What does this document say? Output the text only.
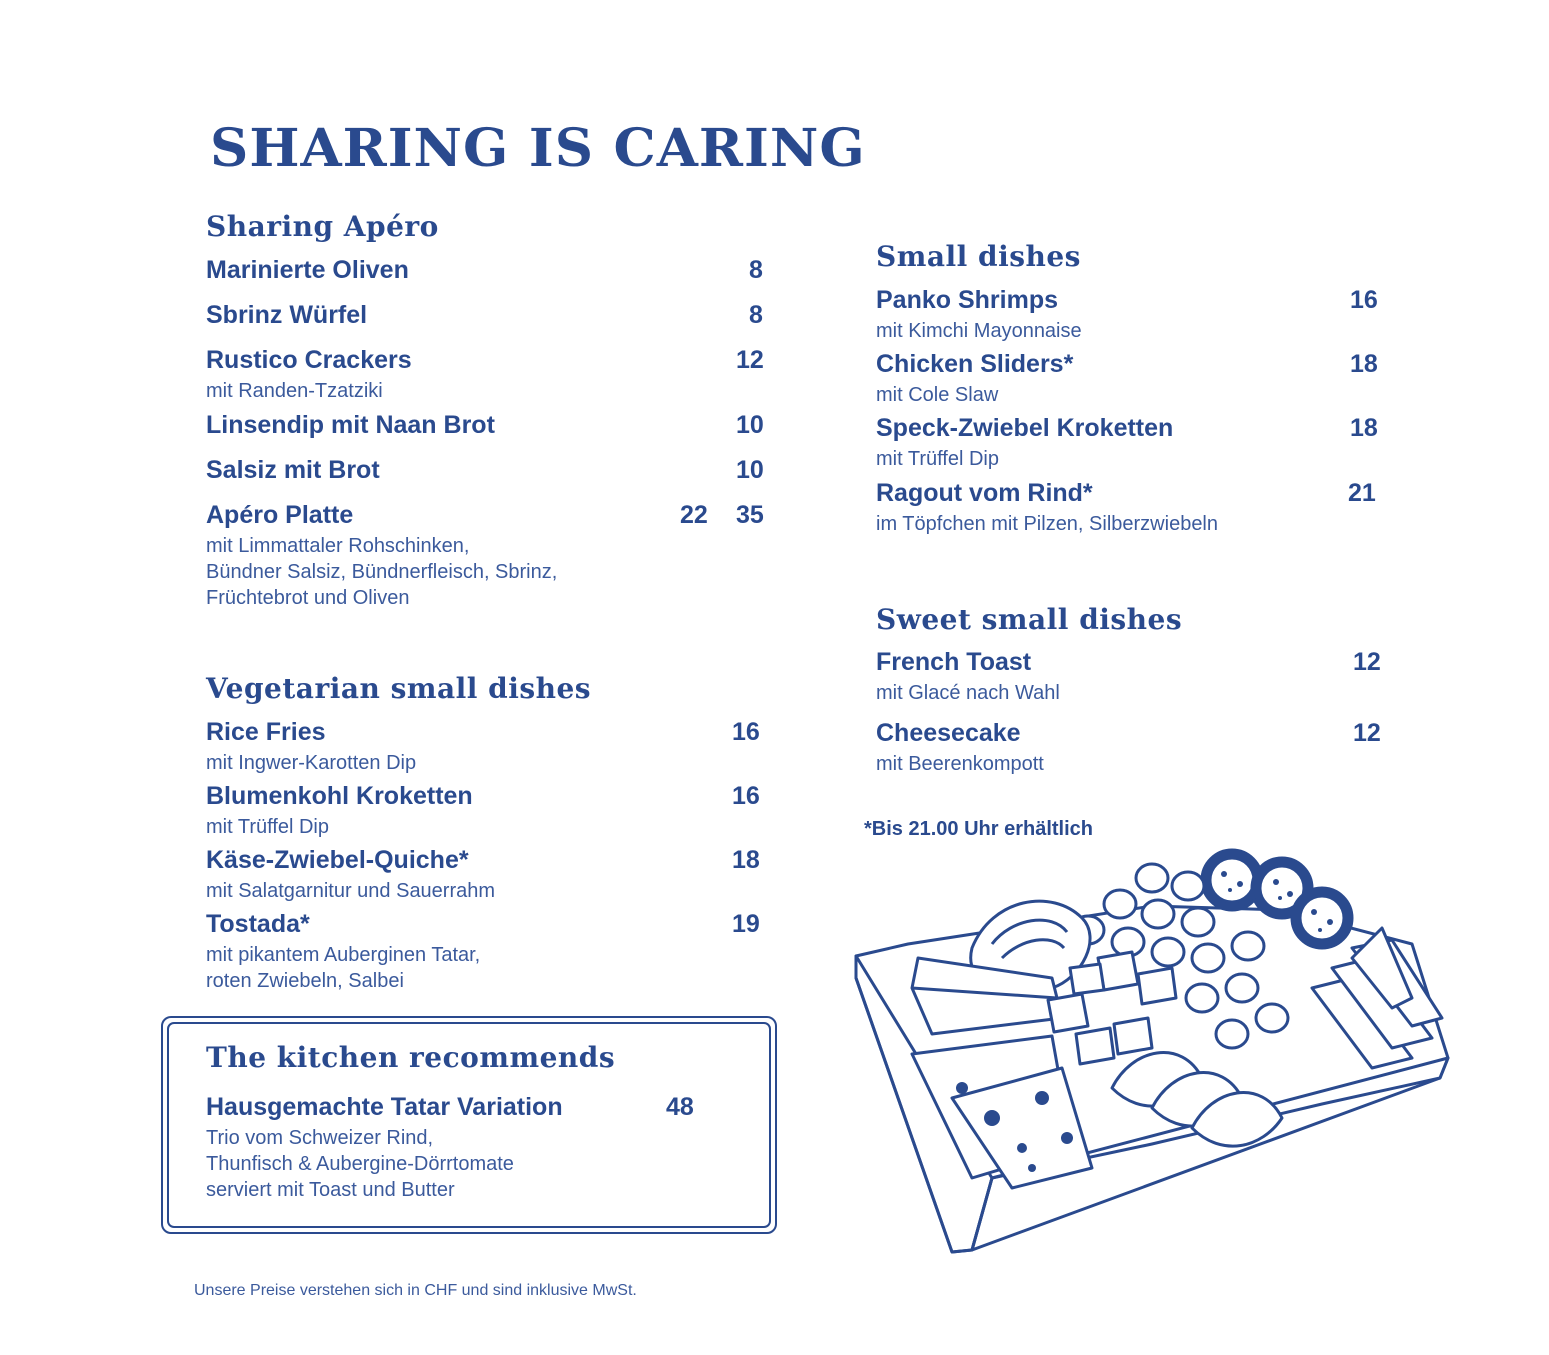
SHARING IS CARING
Sharing Apéro
Marinierte Oliven	8
Sbrinz Würfel	8
Rustico Crackers	12
mit Randen-Tzatziki
Linsendip mit Naan Brot	10
Salsiz mit Brot	10
Apéro Platte	22 35
mit Limmattaler Rohschinken,
Bündner Salsiz, Bündnerfleisch, Sbrinz,
Früchtebrot und Oliven
Vegetarian small dishes
Rice Fries	16
mit Ingwer-Karotten Dip
Blumenkohl Kroketten	16
mit Trüffel Dip
Käse-Zwiebel-Quiche*	18
mit Salatgarnitur und Sauerrahm
Tostada*	19
mit pikantem Auberginen Tatar,
roten Zwiebeln, Salbei
The kitchen recommends
Hausgemachte Tatar Variation	48
Trio vom Schweizer Rind,
Thunfisch & Aubergine-Dörrtomate
serviert mit Toast und Butter
Small dishes
Panko Shrimps	16
mit Kimchi Mayonnaise
Chicken Sliders*	18
mit Cole Slaw
Speck-Zwiebel Kroketten	18
mit Trüffel Dip
Ragout vom Rind*	21
im Töpfchen mit Pilzen, Silberzwiebeln
Sweet small dishes
French Toast	12
mit Glacé nach Wahl
Cheesecake	12
mit Beerenkompott
*Bis 21.00 Uhr erhältlich
Unsere Preise verstehen sich in CHF und sind inklusive MwSt.
